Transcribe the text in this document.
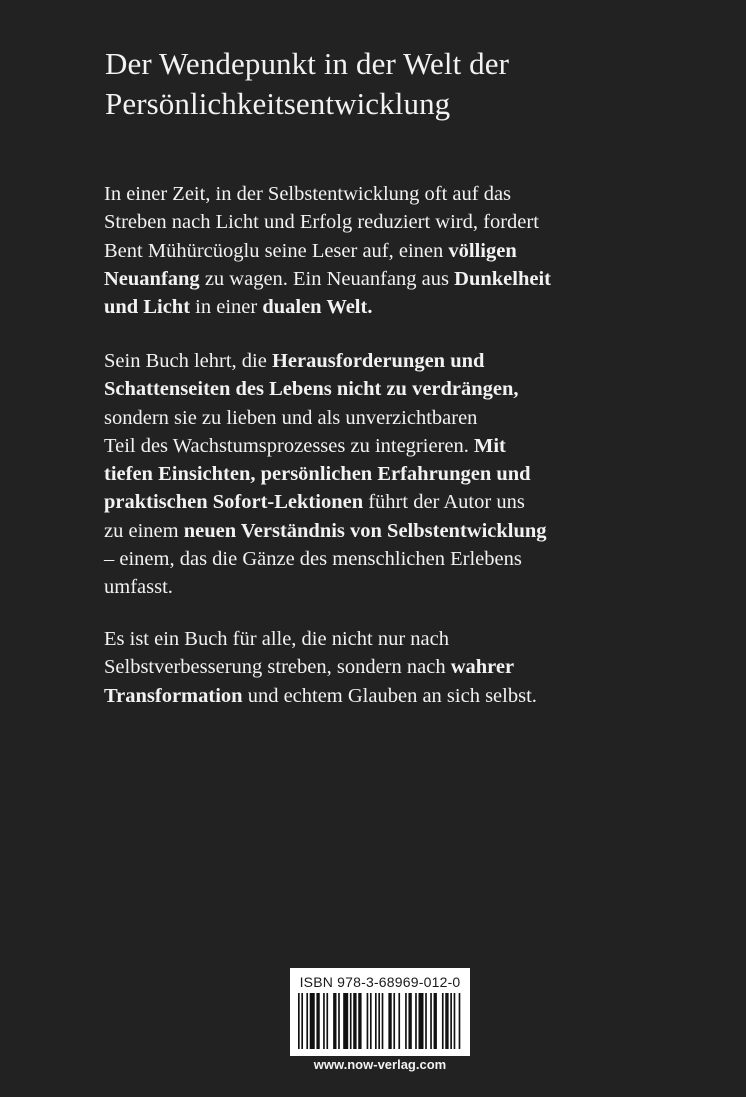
Der Wendepunkt in der Welt der
Persönlichkeitsentwicklung

In einer Zeit, in der Selbstentwicklung oft auf das
Streben nach Licht und Erfolg reduziert wird, fordert
Bent Mühürcüoglu seine Leser auf, einen völligen
Neuanfang zu wagen. Ein Neuanfang aus Dunkelheit
und Licht in einer dualen Welt.

Sein Buch lehrt, die Herausforderungen und
Schattenseiten des Lebens nicht zu verdrängen,
sondern sie zu lieben und als unverzichtbaren
Teil des Wachstumsprozesses zu integrieren. Mit
tiefen Einsichten, persönlichen Erfahrungen und
praktischen Sofort-Lektionen führt der Autor uns
zu einem neuen Verständnis von Selbstentwicklung
– einem, das die Gänze des menschlichen Erlebens
umfasst.

Es ist ein Buch für alle, die nicht nur nach
Selbstverbesserung streben, sondern nach wahrer
Transformation und echtem Glauben an sich selbst.

ISBN 978-3-68969-012-0
www.now-verlag.com
